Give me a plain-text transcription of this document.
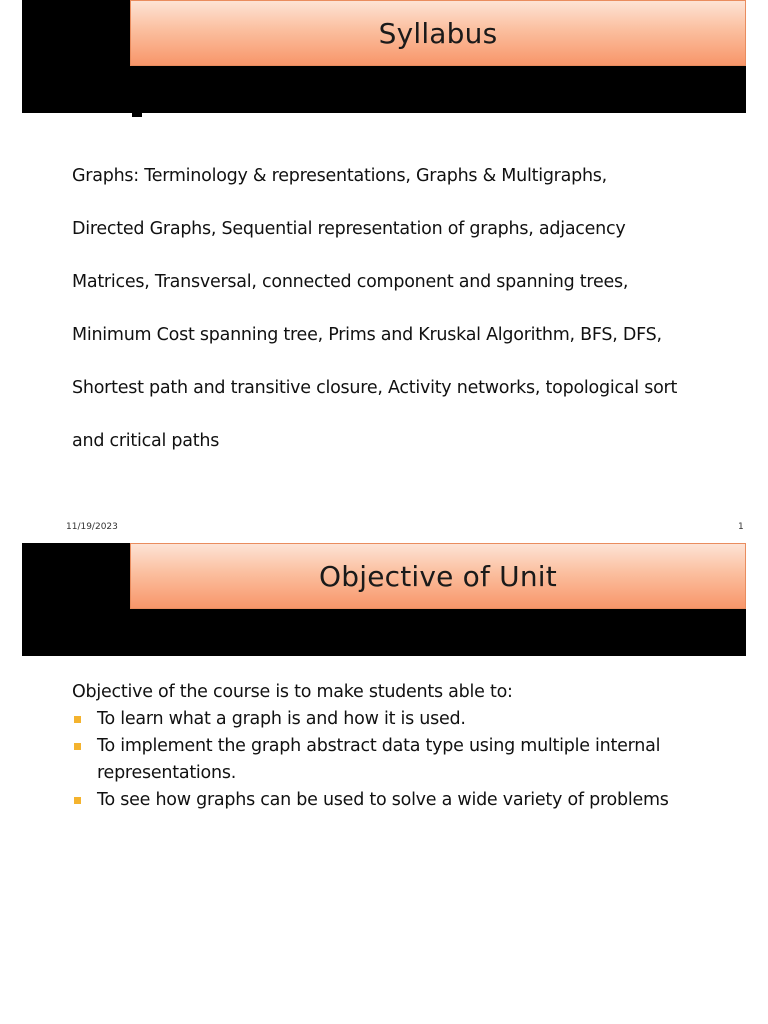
Syllabus
Graphs: Terminology & representations, Graphs & Multigraphs,
Directed Graphs, Sequential representation of graphs, adjacency
Matrices, Transversal, connected component and spanning trees,
Minimum Cost spanning tree, Prims and Kruskal Algorithm, BFS, DFS,
Shortest path and transitive closure, Activity networks, topological sort
and critical paths
11/19/2023	1
Objective of Unit
Objective of the course is to make students able to:
To learn what a graph is and how it is used.
To implement the graph abstract data type using multiple internal representations.
To see how graphs can be used to solve a wide variety of problems
